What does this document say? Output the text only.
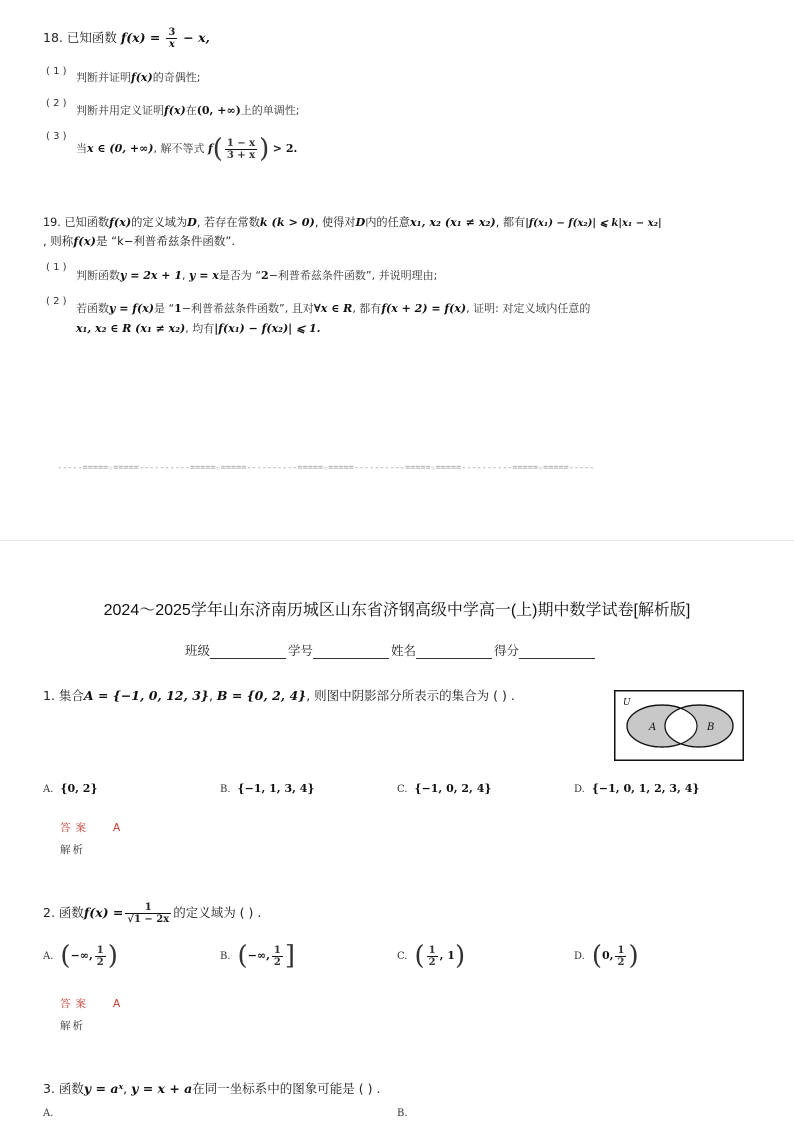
18. 已知函数 $f(x) = \frac{3}{x} - x$,
( 1 ) 判断并证明f(x)的奇偶性;
( 2 )
判断并用定义证明f(x)在(0, +∞)上的单调性;
( 3 )
当x ∈ (0, +∞), 解不等式 $f( \frac{1 - x}{3 + x}$ ) > 2.
19. 已知函数f(x)的定义域为D, 若存在常数k (k > 0), 使得对D内的任意x₁, x₂ (x₁ ≠ x₂), 都有|f(x₁) − f(x₂)| ⩽ k|x₁ − x₂|
, 则称f(x)是 “k−利普希兹条件函数”.
( 1 )
判断函数y = 2x + 1, y = x是否为 “2−利普希兹条件函数”, 并说明理由;
( 2 )
若函数y = f(x)是 “1−利普希兹条件函数”, 且对∀x ∈ R, 都有f(x + 2) = f(x), 证明: 对定义域内任意的
x₁, x₂ ∈ R (x₁ ≠ x₂), 均有|f(x₁) − f(x₂)| ⩽ 1.
-----=====☆=====----------=====☆=====----------=====☆=====----------=====☆=====----------=====☆=====-----
2024～2025学年山东济南历城区山东省济钢高级中学高一(上)期中数学试卷[解析版]
班级	学号	姓名	得分
1. 集合A = {−1, 0, 12, 3}, B = {0, 2, 4}, 则图中阴影部分所表示的集合为 ( ) .	U
A	B
A. {0, 2}	B. {−1, 1, 3, 4}	C. {−1, 0, 2, 4}	D. {−1, 0, 1, 2, 3, 4}
答案 A
解析
2. 函数$f(x) = \frac{1}{√1 - 2x}$ 的定义域为 ( ) .
A. (−∞, $\frac{1}{2}$ )	B. (−∞, $\frac{1}{2}$ ]	C. ( $\frac{1}{2}$ , 1)	D. (0, $\frac{1}{2}$ )
答案 A
解析
3. 函数y = aˣ, y = x + a在同一坐标系中的图象可能是 ( ) .
A.	B.
